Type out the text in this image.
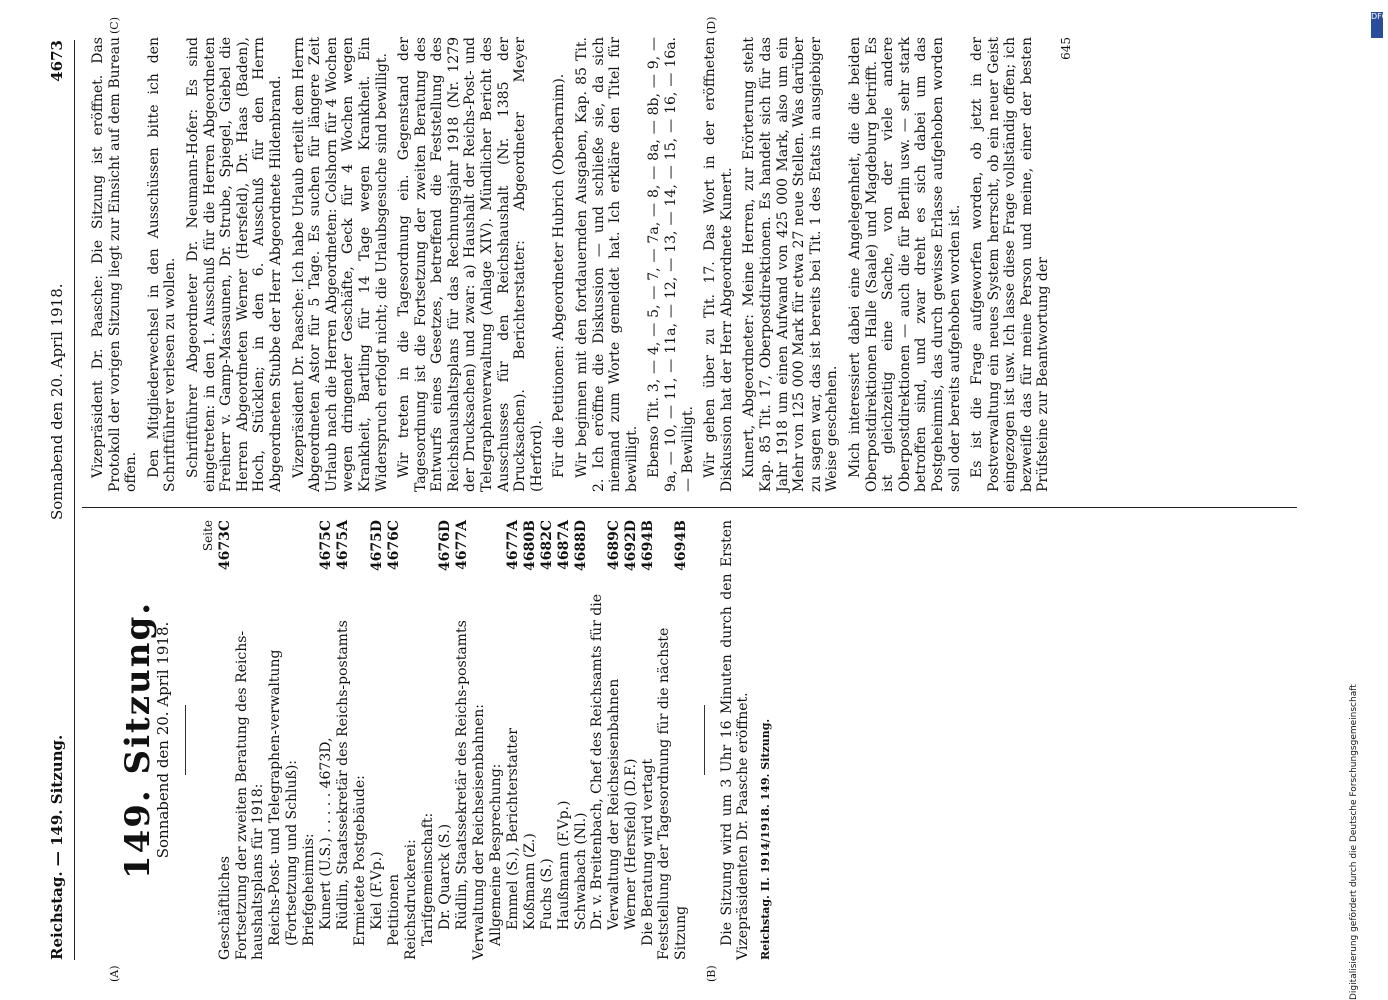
Reichstag. — 149. Sitzung.
Sonnabend den 20. April 1918.
4673
(A)	(B)
(C)	(D)
149. Sitzung.
Sonnabend den 20. April 1918.
Seite
Geschäftliches
4673C
Fortsetzung der zweiten Beratung des Reichs-haushaltsplans für 1918: Reichs-Post- und Telegraphen-verwaltung (Fortsetzung und Schluß): Briefgeheimnis: Kunert (U.S.) . . . . . 4673D,
4675C
Rüdlin, Staatssekretär des Reichs-postamts
4675A
Ermietete Postgebäude: Kiel (F.Vp.)
4675D
Petitionen
4676C
Reichsdruckerei: Tarifgemeinschaft: Dr. Quarck (S.)
4676D
Rüdlin, Staatssekretär des Reichs-postamts
4677A
Verwaltung der Reichseisenbahnen: Allgemeine Besprechung: Emmel (S.), Berichterstatter
4677A
Koßmann (Z.)
4680B
Fuchs (S.)
4682C
Haußmann (F.Vp.)
4687A
Schwabach (Nl.)
4688D
Dr. v. Breitenbach, Chef des Reichsamts für die Verwaltung der Reichseisenbahnen
4689C
Werner (Hersfeld) (D.F.)
4692D
Die Beratung wird vertagt
4694B
Feststellung der Tagesordnung für die nächste Sitzung
4694B Die Sitzung wird um 3 Uhr 16 Minuten durch den Ersten Vizepräsidenten Dr. Paasche eröffnet. Reichstag. II. 1914/1918. 149. Sitzung.

Vizepräsident Dr. Paasche: Die Sitzung ist eröffnet. Das Protokoll der vorigen Sitzung liegt zur Einsicht auf dem Bureau offen. Den Mitgliederwechsel in den Ausschüssen bitte ich den Schriftführer verlesen zu wollen. Schriftführer Abgeordneter Dr. Neumann-Hofer: Es sind eingetreten: in den 1. Ausschuß für die Herren Abgeordneten Freiherr v. Gamp-Massaunen, Dr. Strube, Spiegel, Giebel die Herren Abgeordneten Werner (Hersfeld), Dr. Haas (Baden), Hoch, Stücklen; in den 6. Ausschuß für den Herrn Abgeordneten Stubbe der Herr Abgeordnete Hildenbrand. Vizepräsident Dr. Paasche: Ich habe Urlaub erteilt dem Herrn Abgeordneten Astor für 5 Tage. Es suchen für längere Zeit Urlaub nach die Herren Abgeordneten: Colshorn für 4 Wochen wegen dringender Geschäfte, Geck für 4 Wochen wegen Krankheit, Bartling für 14 Tage wegen Krankheit. Ein Widerspruch erfolgt nicht; die Urlaubsgesuche sind bewilligt. Wir treten in die Tagesordnung ein. Gegenstand der Tagesordnung ist die Fortsetzung der zweiten Beratung des Entwurfs eines Gesetzes, betreffend die Feststellung des Reichshaushaltsplans für das Rechnungsjahr 1918 (Nr. 1279 der Drucksachen) und zwar: a) Haushalt der Reichs-Post- und Telegraphenverwaltung (Anlage XIV). Mündlicher Bericht des Ausschusses für den Reichshaushalt (Nr. 1385 der Drucksachen). Berichterstatter: Abgeordneter Meyer (Herford). Für die Petitionen: Abgeordneter Hubrich (Oberbarnim). Wir beginnen mit den fortdauernden Ausgaben, Kap. 85 Tit. 2. Ich eröffne die Diskussion — und schließe sie, da sich niemand zum Worte gemeldet hat. Ich erkläre den Titel für bewilligt. Ebenso Tit. 3, — 4, — 5, — 7, — 7a, — 8, — 8a, — 8b, — 9, — 9a, — 10, — 11, — 11a, — 12, — 13, — 14, — 15, — 16, — 16a. — Bewilligt. Wir gehen über zu Tit. 17. Das Wort in der eröffneten Diskussion hat der Herr Abgeordnete Kunert. Kunert, Abgeordneter: Meine Herren, zur Erörterung steht Kap. 85 Tit. 17, Oberpostdirektionen. Es handelt sich für das Jahr 1918 um einen Aufwand von 425 000 Mark, also um ein Mehr von 125 000 Mark für etwa 27 neue Stellen. Was darüber zu sagen war, das ist bereits bei Tit. 1 des Etats in ausgiebiger Weise geschehen. Mich interessiert dabei eine Angelegenheit, die die beiden Oberpostdirektionen Halle (Saale) und Magdeburg betrifft. Es ist gleichzeitig eine Sache, von der viele andere Oberpostdirektionen — auch die für Berlin usw. — sehr stark betroffen sind, und zwar dreht es sich dabei um das Postgeheimnis, das durch gewisse Erlasse aufgehoben worden soll oder bereits aufgehoben worden ist. Es ist die Frage aufgeworfen worden, ob jetzt in der Postverwaltung ein neues System herrscht, ob ein neuer Geist eingezogen ist usw. Ich lasse diese Frage vollständig offen; ich bezweifle das für meine Person und meine, einer der besten Prüfsteine zur Beantwortung der

645
DFG
Digitalisierung gefördert durch die Deutsche Forschungsgemeinschaft
